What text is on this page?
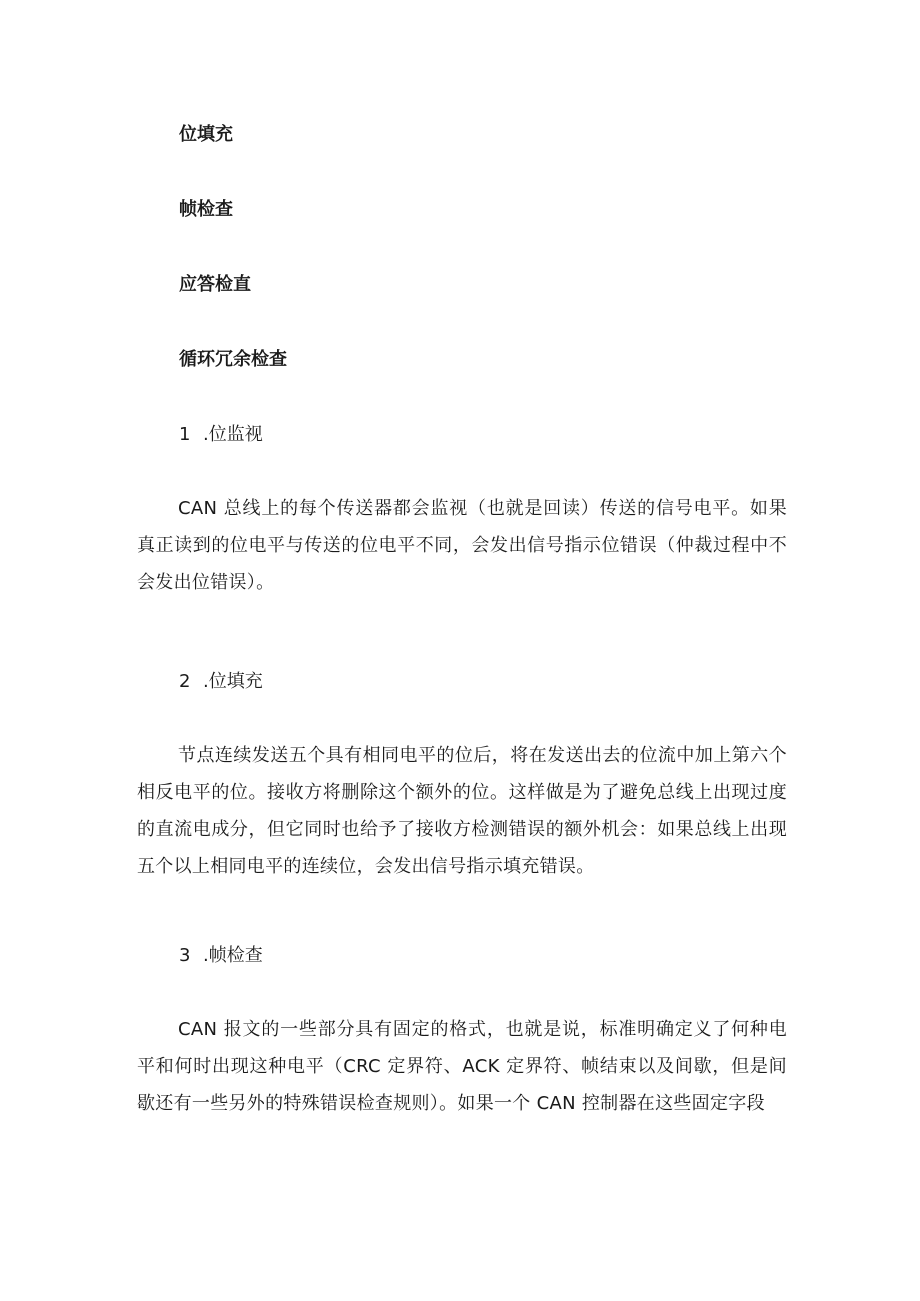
位填充
帧检查
应答检直
循环冗余检查
1 .位监视
CAN 总线上的每个传送器都会监视（也就是回读）传送的信号电平。如果真正读到的位电平与传送的位电平不同，会发出信号指示位错误（仲裁过程中不会发出位错误）。
2 .位填充
节点连续发送五个具有相同电平的位后，将在发送出去的位流中加上第六个相反电平的位。接收方将删除这个额外的位。这样做是为了避免总线上出现过度的直流电成分，但它同时也给予了接收方检测错误的额外机会：如果总线上出现五个以上相同电平的连续位，会发出信号指示填充错误。
3 .帧检查
CAN 报文的一些部分具有固定的格式，也就是说，标准明确定义了何种电平和何时出现这种电平（CRC 定界符、ACK 定界符、帧结束以及间歇，但是间歇还有一些另外的特殊错误检查规则）。如果一个 CAN 控制器在这些固定字段
